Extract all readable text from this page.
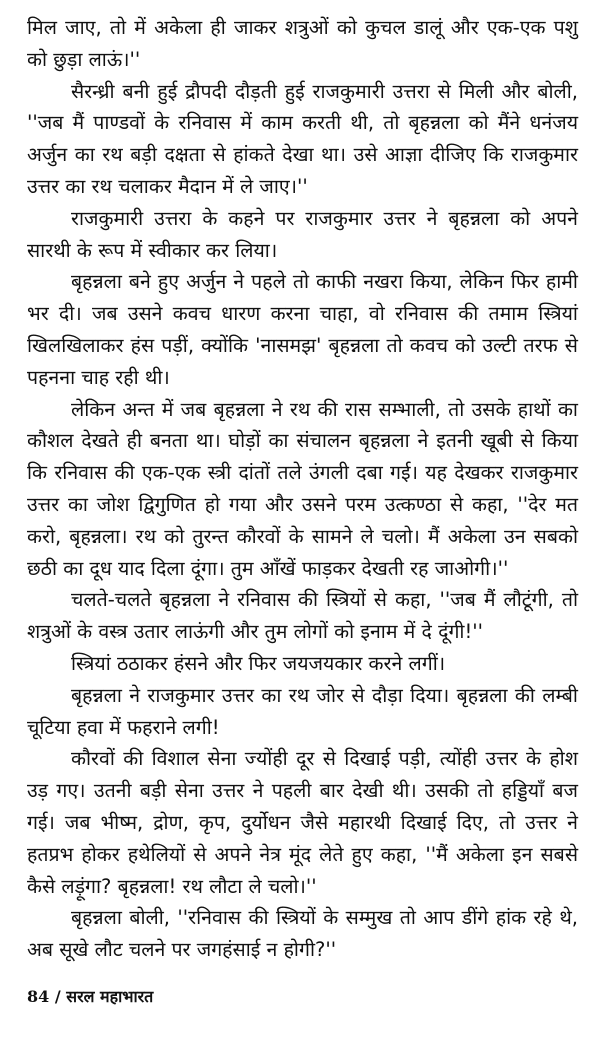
मिल जाए, तो में अकेला ही जाकर शत्रुओं को कुचल डालूं और एक-एक पशु को छुड़ा लाऊं।''

सैरन्ध्री बनी हुई द्रौपदी दौड़ती हुई राजकुमारी उत्तरा से मिली और बोली, ''जब मैं पाण्डवों के रनिवास में काम करती थी, तो बृहन्नला को मैंने धनंजय अर्जुन का रथ बड़ी दक्षता से हांकते देखा था। उसे आज्ञा दीजिए कि राजकुमार उत्तर का रथ चलाकर मैदान में ले जाए।''

राजकुमारी उत्तरा के कहने पर राजकुमार उत्तर ने बृहन्नला को अपने सारथी के रूप में स्वीकार कर लिया।

बृहन्नला बने हुए अर्जुन ने पहले तो काफी नखरा किया, लेकिन फिर हामी भर दी। जब उसने कवच धारण करना चाहा, वो रनिवास की तमाम स्त्रियां खिलखिलाकर हंस पड़ीं, क्योंकि 'नासमझ' बृहन्नला तो कवच को उल्टी तरफ से पहनना चाह रही थी।

लेकिन अन्त में जब बृहन्नला ने रथ की रास सम्भाली, तो उसके हाथों का कौशल देखते ही बनता था। घोड़ों का संचालन बृहन्नला ने इतनी खूबी से किया कि रनिवास की एक-एक स्त्री दांतों तले उंगली दबा गई। यह देखकर राजकुमार उत्तर का जोश द्विगुणित हो गया और उसने परम उत्कण्ठा से कहा, ''देर मत करो, बृहन्नला। रथ को तुरन्त कौरवों के सामने ले चलो। मैं अकेला उन सबको छठी का दूध याद दिला दूंगा। तुम आँखें फाड़कर देखती रह जाओगी।''

चलते-चलते बृहन्नला ने रनिवास की स्त्रियों से कहा, ''जब मैं लौटूंगी, तो शत्रुओं के वस्त्र उतार लाऊंगी और तुम लोगों को इनाम में दे दूंगी!''

स्त्रियां ठठाकर हंसने और फिर जयजयकार करने लगीं।

बृहन्नला ने राजकुमार उत्तर का रथ जोर से दौड़ा दिया। बृहन्नला की लम्बी चूटिया हवा में फहराने लगी!

कौरवों की विशाल सेना ज्योंही दूर से दिखाई पड़ी, त्योंही उत्तर के होश उड़ गए। उतनी बड़ी सेना उत्तर ने पहली बार देखी थी। उसकी तो हड्डियाँ बज गई। जब भीष्म, द्रोण, कृप, दुर्योधन जैसे महारथी दिखाई दिए, तो उत्तर ने हतप्रभ होकर हथेलियों से अपने नेत्र मूंद लेते हुए कहा, ''मैं अकेला इन सबसे कैसे लड़ूंगा? बृहन्नला! रथ लौटा ले चलो।''

बृहन्नला बोली, ''रनिवास की स्त्रियों के सम्मुख तो आप डींगे हांक रहे थे, अब सूखे लौट चलने पर जगहंसाई न होगी?''

84 / सरल महाभारत
